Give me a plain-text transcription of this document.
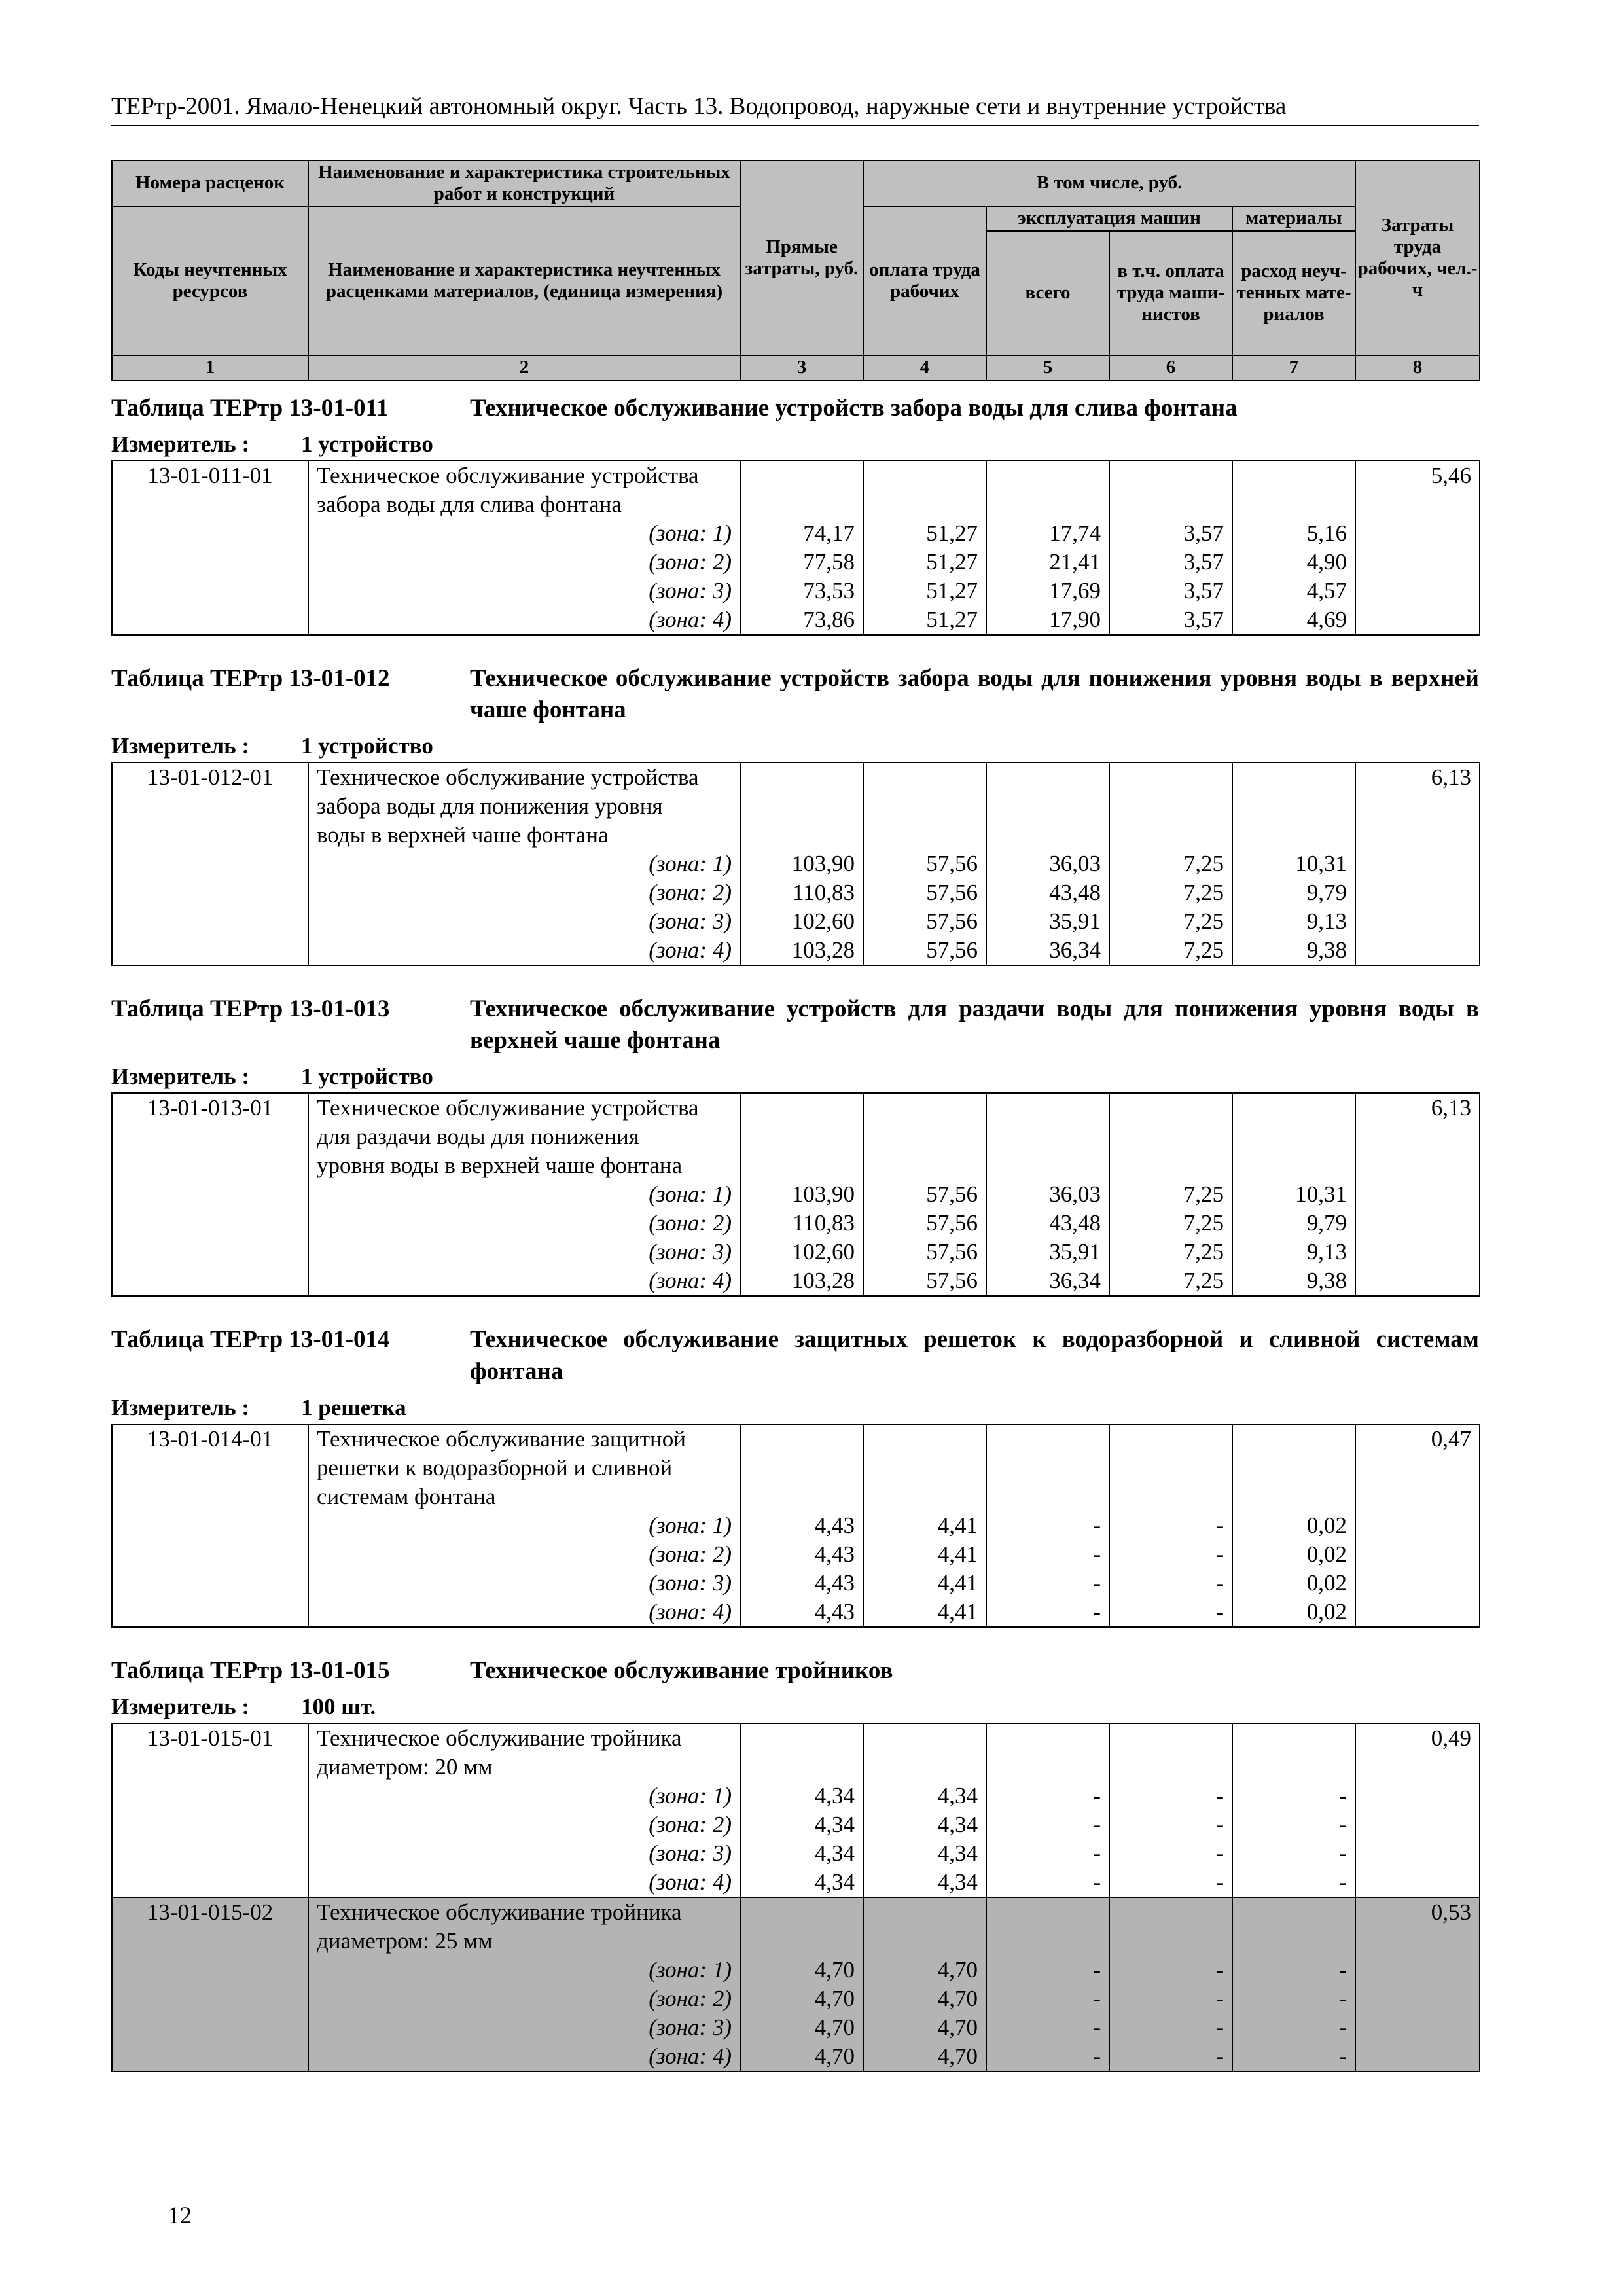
ТЕРтр-2001. Ямало-Ненецкий автономный округ. Часть 13. Водопровод, наружные сети и внутренние устройства
Номера расценок	Наименование и характеристика строительных работ и конструкций	Прямые затраты, руб.	В том числе, руб.				Затраты труда рабочих, чел.-ч
Коды неучтенных ресурсов	Наименование и характеристика неучтенных расценками материалов, (единица измерения)		оплата труда рабочих	эксплуатация машин		материалы	
				всего	в т.ч. оплата труда маши- нистов	расход неуч- тенных мате- риалов	
1	2	3	4	5	6	7	8
Таблица ТЕРтр 13-01-011	Техническое обслуживание устройств забора воды для слива фонтана
Измеритель :	1 устройство
13-01-011-01	Техническое обслуживание устройства						5,46
	забора воды для слива фонтана						
	(зона: 1)	74,17	51,27	17,74	3,57	5,16	
	(зона: 2)	77,58	51,27	21,41	3,57	4,90	
	(зона: 3)	73,53	51,27	17,69	3,57	4,57	
	(зона: 4)	73,86	51,27	17,90	3,57	4,69	
Таблица ТЕРтр 13-01-012	Техническое обслуживание устройств забора воды для понижения уровня воды в верхней чаше фонтана
Измеритель :	1 устройство
13-01-012-01	Техническое обслуживание устройства						6,13
	забора воды для понижения уровня						
	воды в верхней чаше фонтана						
	(зона: 1)	103,90	57,56	36,03	7,25	10,31	
	(зона: 2)	110,83	57,56	43,48	7,25	9,79	
	(зона: 3)	102,60	57,56	35,91	7,25	9,13	
	(зона: 4)	103,28	57,56	36,34	7,25	9,38	
Таблица ТЕРтр 13-01-013	Техническое обслуживание устройств для раздачи воды для понижения уровня воды в верхней чаше фонтана
Измеритель :	1 устройство
13-01-013-01	Техническое обслуживание устройства						6,13
	для раздачи воды для понижения						
	уровня воды в верхней чаше фонтана						
	(зона: 1)	103,90	57,56	36,03	7,25	10,31	
	(зона: 2)	110,83	57,56	43,48	7,25	9,79	
	(зона: 3)	102,60	57,56	35,91	7,25	9,13	
	(зона: 4)	103,28	57,56	36,34	7,25	9,38	
Таблица ТЕРтр 13-01-014	Техническое обслуживание защитных решеток к водоразборной и сливной системам фонтана
Измеритель :	1 решетка
13-01-014-01	Техническое обслуживание защитной						0,47
	решетки к водоразборной и сливной						
	системам фонтана						
	(зона: 1)	4,43	4,41	-	-	0,02	
	(зона: 2)	4,43	4,41	-	-	0,02	
	(зона: 3)	4,43	4,41	-	-	0,02	
	(зона: 4)	4,43	4,41	-	-	0,02	
Таблица ТЕРтр 13-01-015	Техническое обслуживание тройников
Измеритель :	100 шт.
13-01-015-01	Техническое обслуживание тройника						0,49
	диаметром: 20 мм						
	(зона: 1)	4,34	4,34	-	-	-	
	(зона: 2)	4,34	4,34	-	-	-	
	(зона: 3)	4,34	4,34	-	-	-	
	(зона: 4)	4,34	4,34	-	-	-	
13-01-015-02	Техническое обслуживание тройника						0,53
	диаметром: 25 мм						
	(зона: 1)	4,70	4,70	-	-	-	
	(зона: 2)	4,70	4,70	-	-	-	
	(зона: 3)	4,70	4,70	-	-	-	
	(зона: 4)	4,70	4,70	-	-	-	
12
